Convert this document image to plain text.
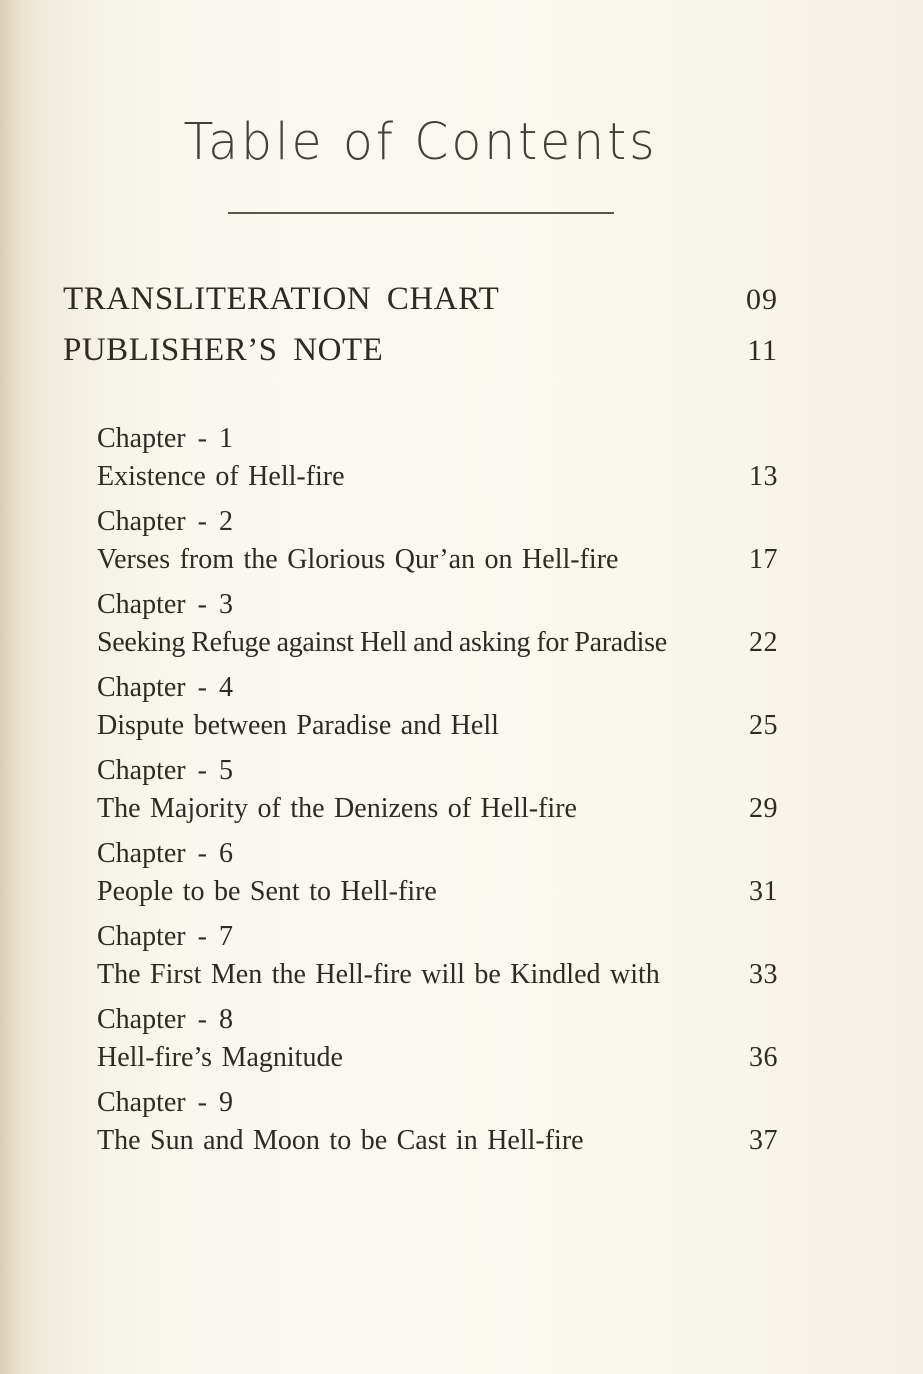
Table of Contents
TRANSLITERATION CHART	09
PUBLISHER’S NOTE	11
Chapter - 1
Existence of Hell-fire	13
Chapter - 2
Verses from the Glorious Qur’an on Hell-fire	17
Chapter - 3
Seeking Refuge against Hell and asking for Paradise	22
Chapter - 4
Dispute between Paradise and Hell	25
Chapter - 5
The Majority of the Denizens of Hell-fire	29
Chapter - 6
People to be Sent to Hell-fire	31
Chapter - 7
The First Men the Hell-fire will be Kindled with	33
Chapter - 8
Hell-fire’s Magnitude	36
Chapter - 9
The Sun and Moon to be Cast in Hell-fire	37
